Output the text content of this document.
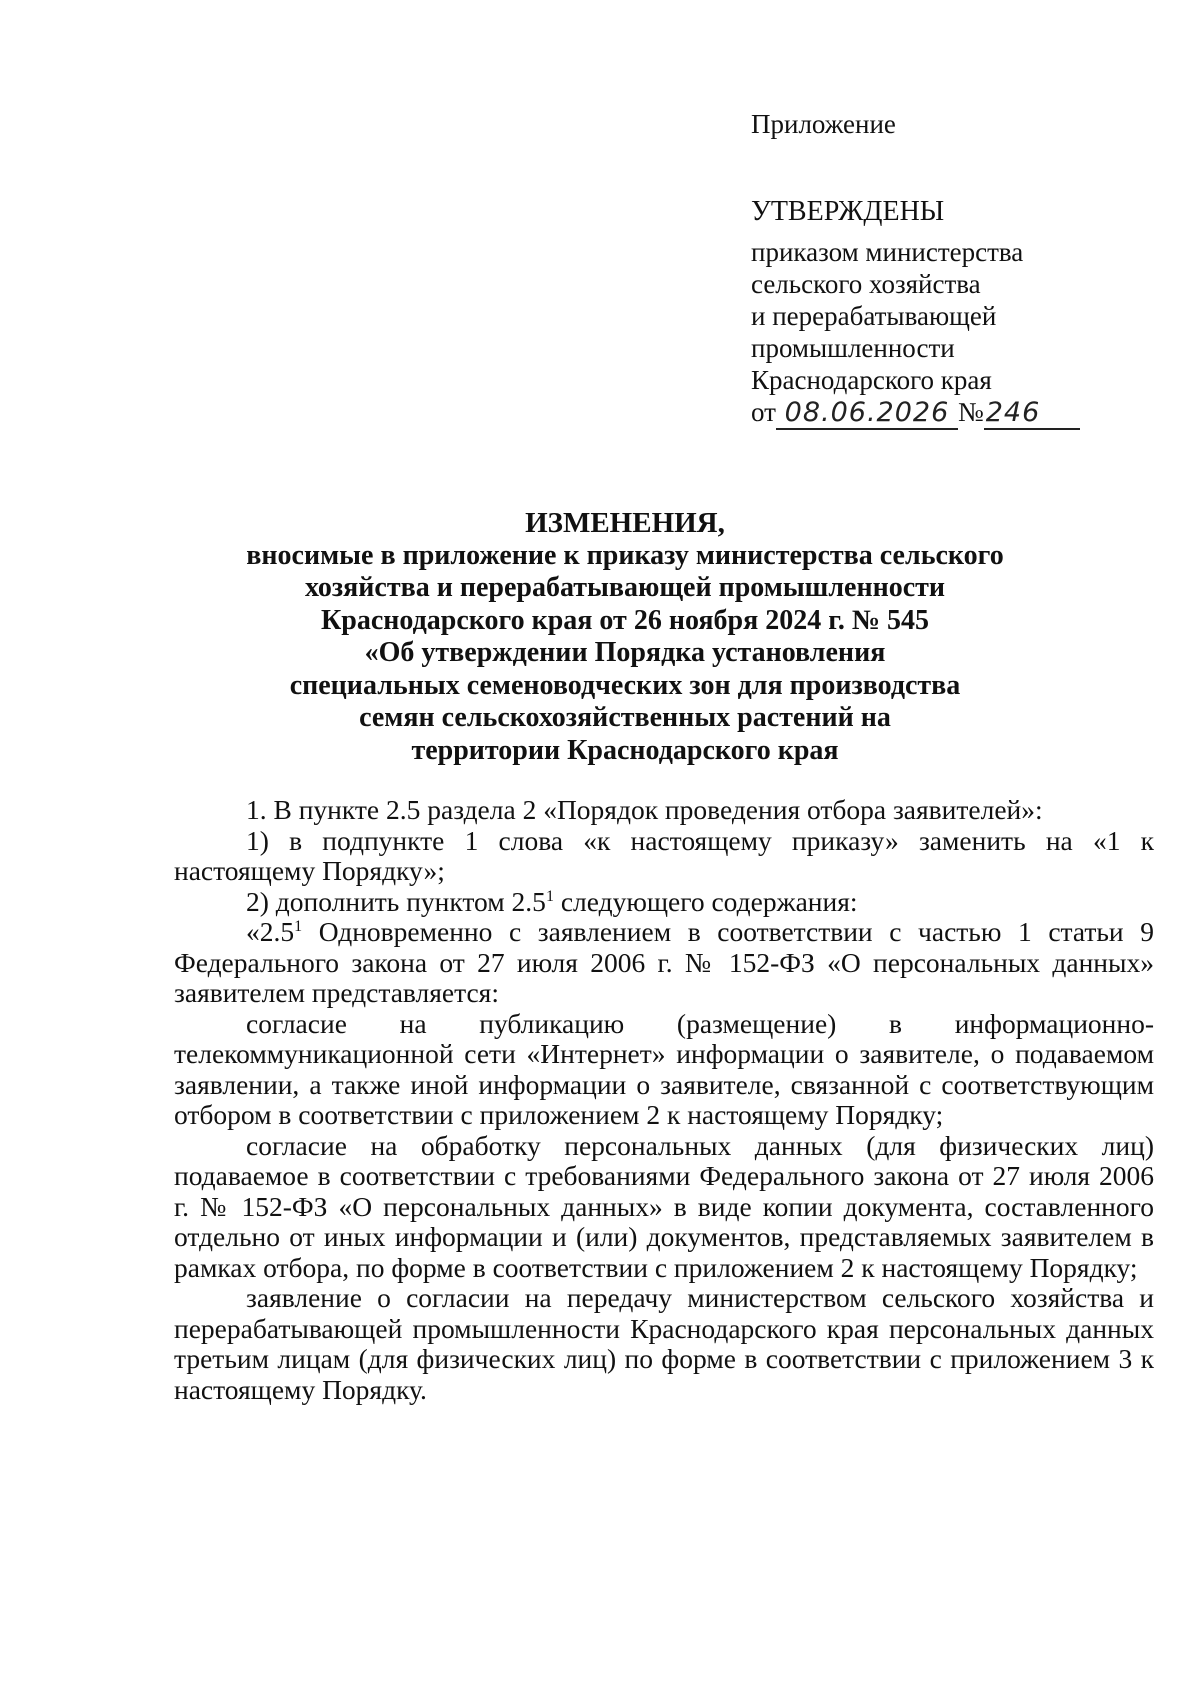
Приложение
УТВЕРЖДЕНЫ
приказом министерства
сельского хозяйства
и перерабатывающей
промышленности
Краснодарского края
от 08.06.2026 №246
ИЗМЕНЕНИЯ,
вносимые в приложение к приказу министерства сельского
хозяйства и перерабатывающей промышленности
Краснодарского края от 26 ноября 2024 г. № 545
«Об утверждении Порядка установления
специальных семеноводческих зон для производства
семян сельскохозяйственных растений на
территории Краснодарского края

1. В пункте 2.5 раздела 2 «Порядок проведения отбора заявителей»:

1) в подпункте 1 слова «к настоящему приказу» заменить на «1 к настоящему Порядку»;

2) дополнить пунктом $2.5^1$ следующего содержания:

«$2.5^1$ Одновременно с заявлением в соответствии с частью 1 статьи 9 Федерального закона от 27 июля 2006 г. № 152-ФЗ «О персональных данных» заявителем представляется:

согласие на публикацию (размещение) в информационно-телекоммуникационной сети «Интернет» информации о заявителе, о подаваемом заявлении, а также иной информации о заявителе, связанной с соответствующим отбором в соответствии с приложением 2 к настоящему Порядку;

согласие на обработку персональных данных (для физических лиц) подаваемое в соответствии с требованиями Федерального закона от 27 июля 2006 г. № 152-ФЗ «О персональных данных» в виде копии документа, составленного отдельно от иных информации и (или) документов, представляемых заявителем в рамках отбора, по форме в соответствии с приложением 2 к настоящему Порядку;

заявление о согласии на передачу министерством сельского хозяйства и перерабатывающей промышленности Краснодарского края персональных данных третьим лицам (для физических лиц) по форме в соответствии с приложением 3 к настоящему Порядку.
